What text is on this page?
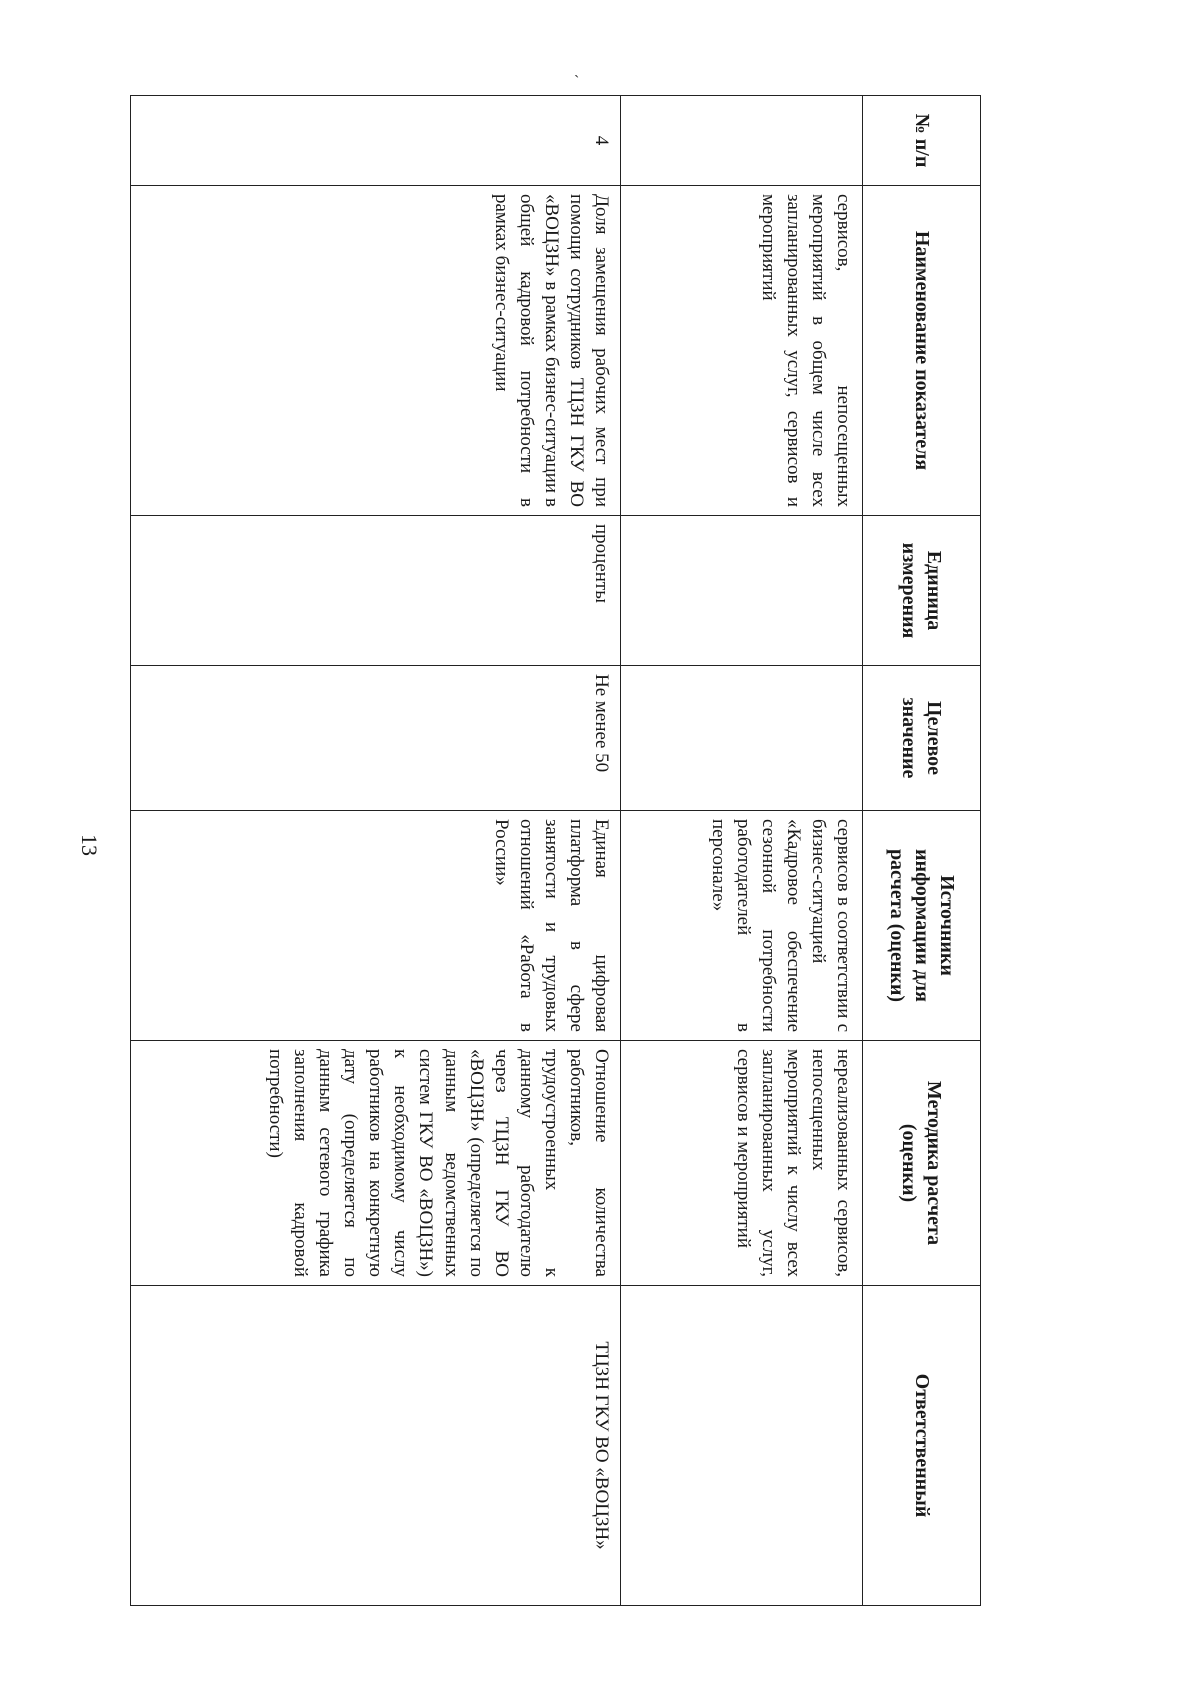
13
˴
№ п/п	Наименование показателя	Единица измерения	Целевое значение	Источники информации для расчета (оценки)	Методика расчета (оценки)	Ответственный
	сервисов, непосещенных мероприятий в общем числе всех запланированных услуг, сервисов и мероприятий			сервисов в соответствии с бизнес-ситуацией «Кадровое обеспечение сезонной потребности работодателей в персонале»	нереализованных сервисов, непосещенных мероприятий к числу всех запланированных услуг, сервисов и мероприятий	
4	Доля замещения рабочих мест при помощи сотрудников ТЦЗН ГКУ ВО «ВОЦЗН» в рамках бизнес-ситуации в общей кадровой потребности в рамках бизнес-ситуации	проценты	Не менее 50	Единая цифровая платформа в сфере занятости и трудовых отношений «Работа в России»	Отношение количества работников, трудоустроенных к данному работодателю через ТЦЗН ГКУ ВО «ВОЦЗН» (определяется по данным ведомственных систем ГКУ ВО «ВОЦЗН») к необходимому числу работников на конкретную дату (определяется по данным сетевого графика заполнения кадровой потребности)	ТЦЗН ГКУ ВО «ВОЦЗН»
